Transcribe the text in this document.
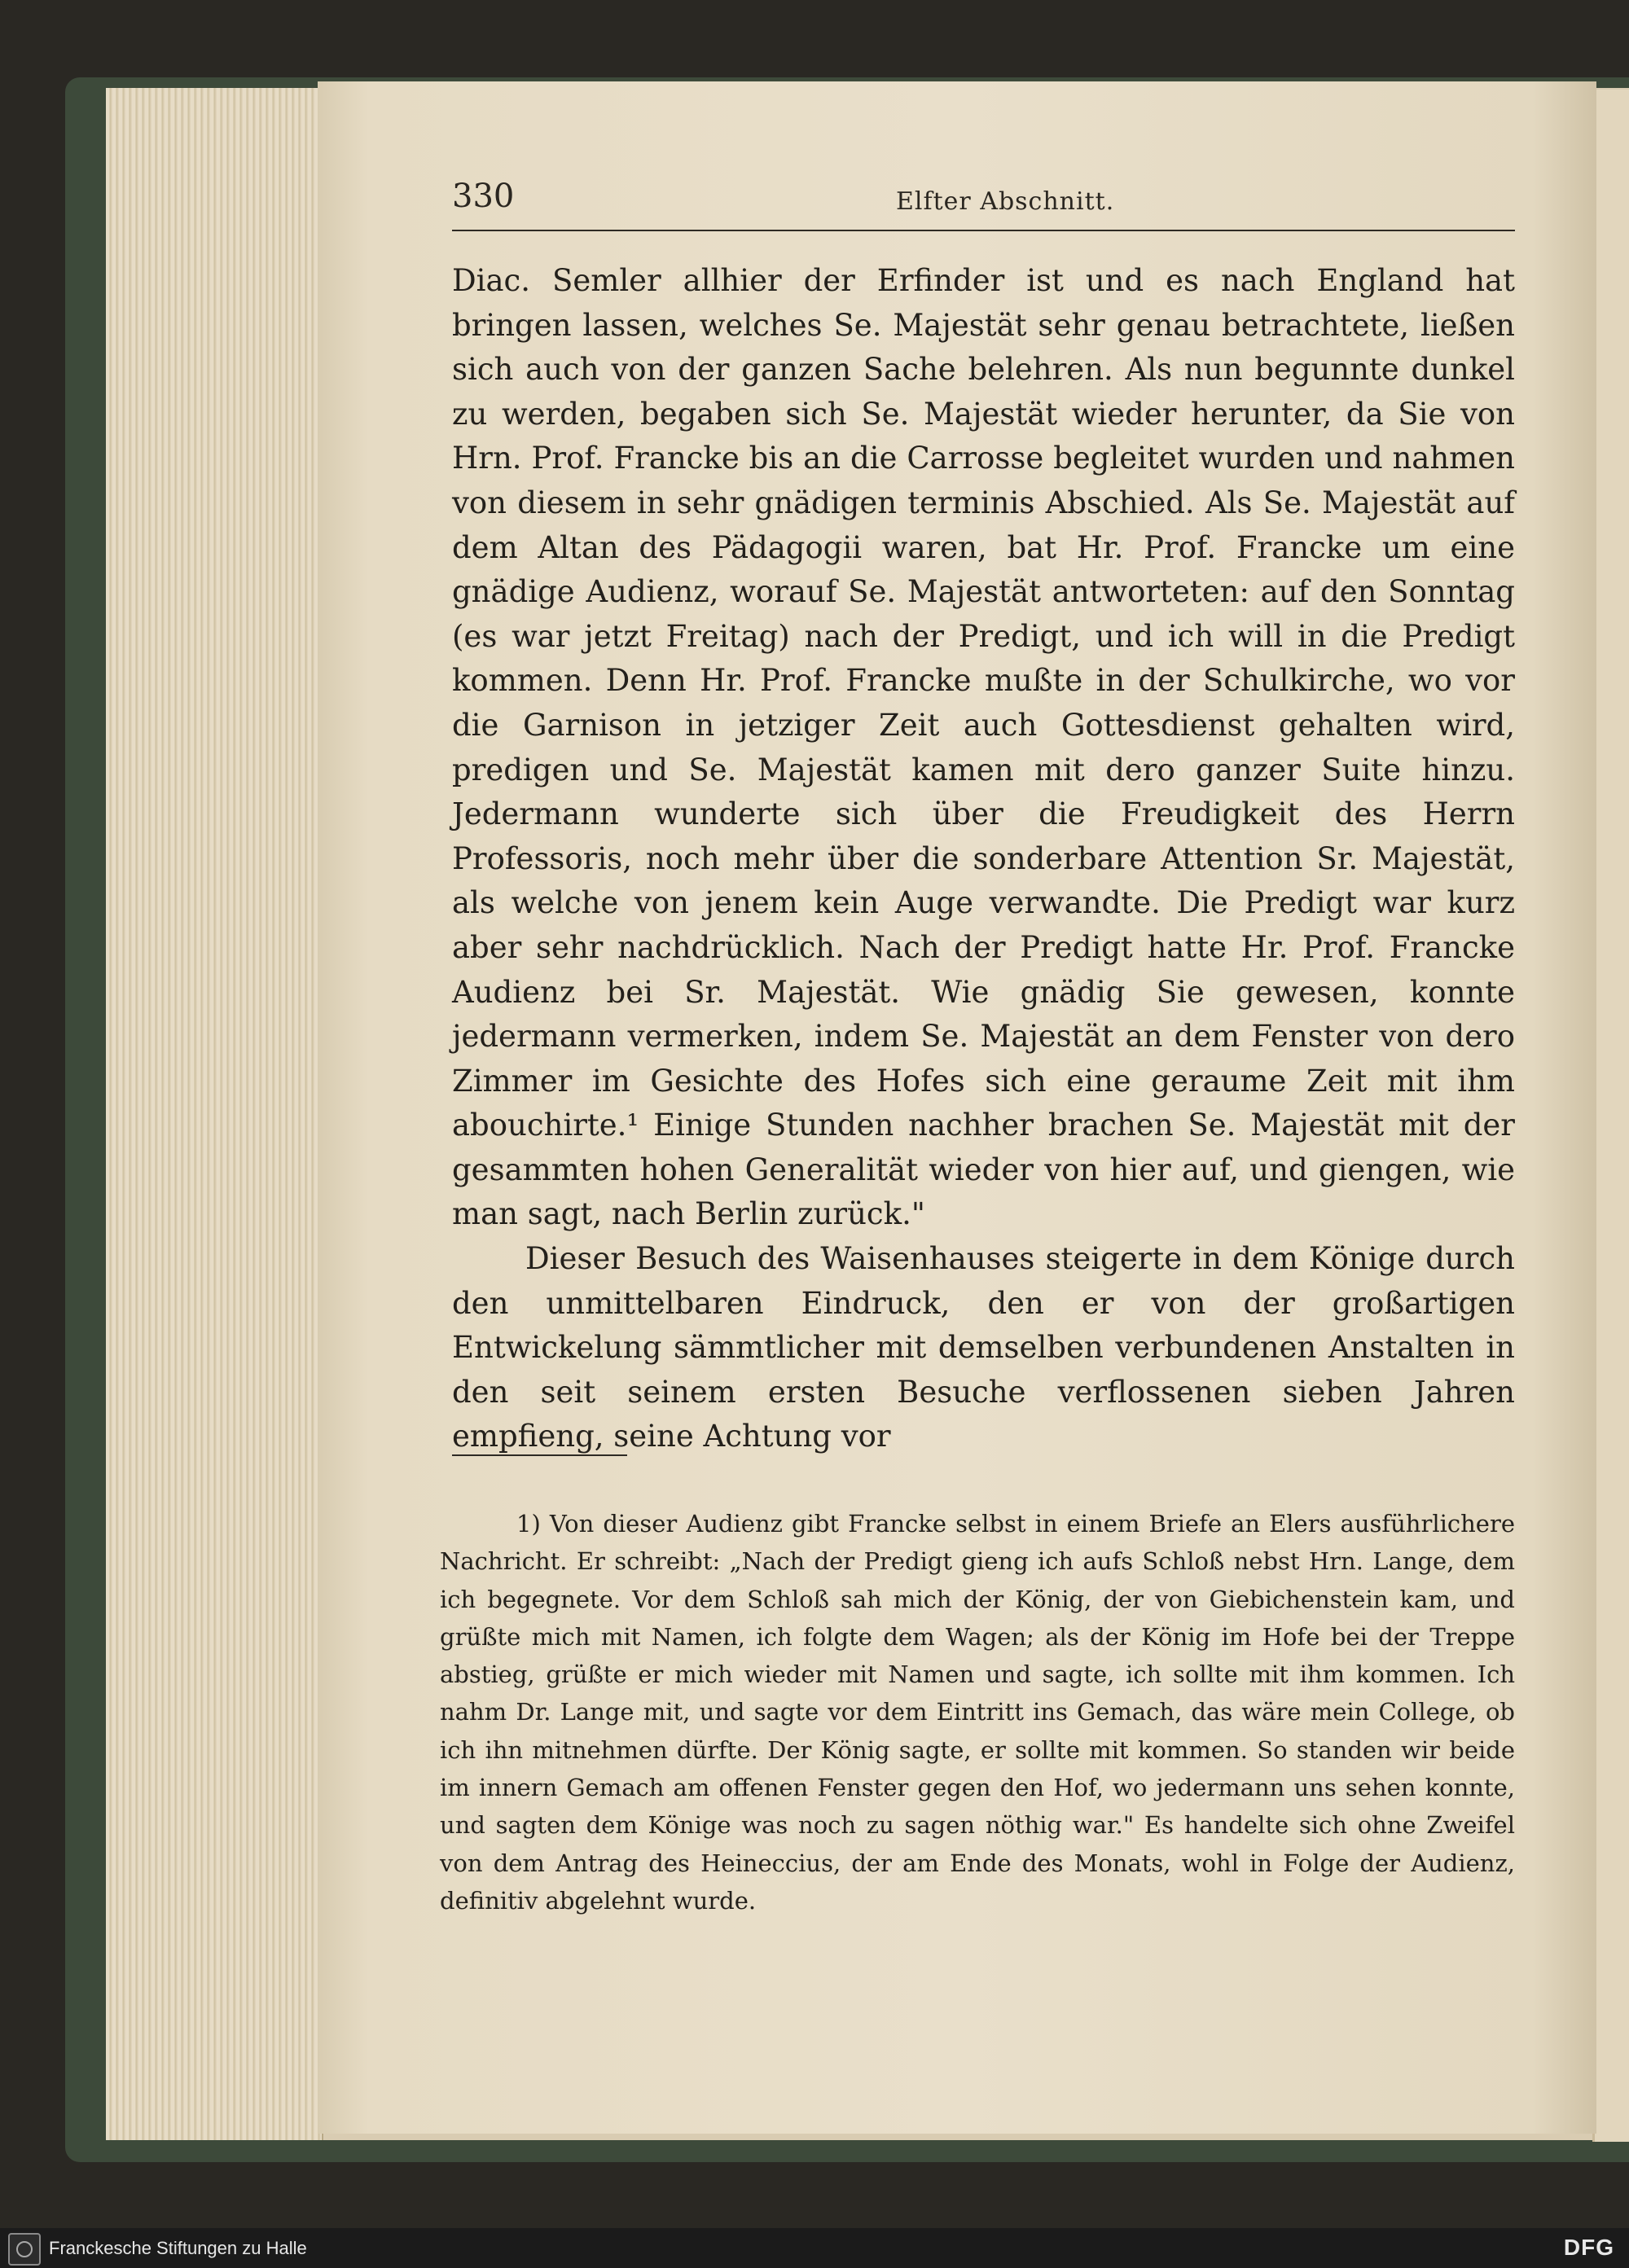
330	Elfter Abschnitt.

Diac. Semler allhier der Erfinder ist und es nach England hat bringen lassen, welches Se. Majestät sehr genau betrachtete, ließen sich auch von der ganzen Sache belehren. Als nun begunnte dunkel zu werden, begaben sich Se. Majestät wieder herunter, da Sie von Hrn. Prof. Francke bis an die Carrosse begleitet wurden und nahmen von diesem in sehr gnädigen terminis Abschied. Als Se. Majestät auf dem Altan des Pädagogii waren, bat Hr. Prof. Francke um eine gnädige Audienz, worauf Se. Majestät antworteten: auf den Sonntag (es war jetzt Freitag) nach der Predigt, und ich will in die Predigt kommen. Denn Hr. Prof. Francke mußte in der Schulkirche, wo vor die Garnison in jetziger Zeit auch Gottesdienst gehalten wird, predigen und Se. Majestät kamen mit dero ganzer Suite hinzu. Jedermann wunderte sich über die Freudigkeit des Herrn Professoris, noch mehr über die sonderbare Attention Sr. Majestät, als welche von jenem kein Auge verwandte. Die Predigt war kurz aber sehr nachdrücklich. Nach der Predigt hatte Hr. Prof. Francke Audienz bei Sr. Majestät. Wie gnädig Sie gewesen, konnte jedermann vermerken, indem Se. Majestät an dem Fenster von dero Zimmer im Gesichte des Hofes sich eine geraume Zeit mit ihm abouchirte.¹ Einige Stunden nachher brachen Se. Majestät mit der gesammten hohen Generalität wieder von hier auf, und giengen, wie man sagt, nach Berlin zurück."

Dieser Besuch des Waisenhauses steigerte in dem Könige durch den unmittelbaren Eindruck, den er von der großartigen Entwickelung sämmtlicher mit demselben verbundenen Anstalten in den seit seinem ersten Besuche verflossenen sieben Jahren empfieng, seine Achtung vor

1) Von dieser Audienz gibt Francke selbst in einem Briefe an Elers ausführlichere Nachricht. Er schreibt: „Nach der Predigt gieng ich aufs Schloß nebst Hrn. Lange, dem ich begegnete. Vor dem Schloß sah mich der König, der von Giebichenstein kam, und grüßte mich mit Namen, ich folgte dem Wagen; als der König im Hofe bei der Treppe abstieg, grüßte er mich wieder mit Namen und sagte, ich sollte mit ihm kommen. Ich nahm Dr. Lange mit, und sagte vor dem Eintritt ins Gemach, das wäre mein College, ob ich ihn mitnehmen dürfte. Der König sagte, er sollte mit kommen. So standen wir beide im innern Gemach am offenen Fenster gegen den Hof, wo jedermann uns sehen konnte, und sagten dem Könige was noch zu sagen nöthig war." Es handelte sich ohne Zweifel von dem Antrag des Heineccius, der am Ende des Monats, wohl in Folge der Audienz, definitiv abgelehnt wurde.

Franckesche Stiftungen zu Halle	DFG
